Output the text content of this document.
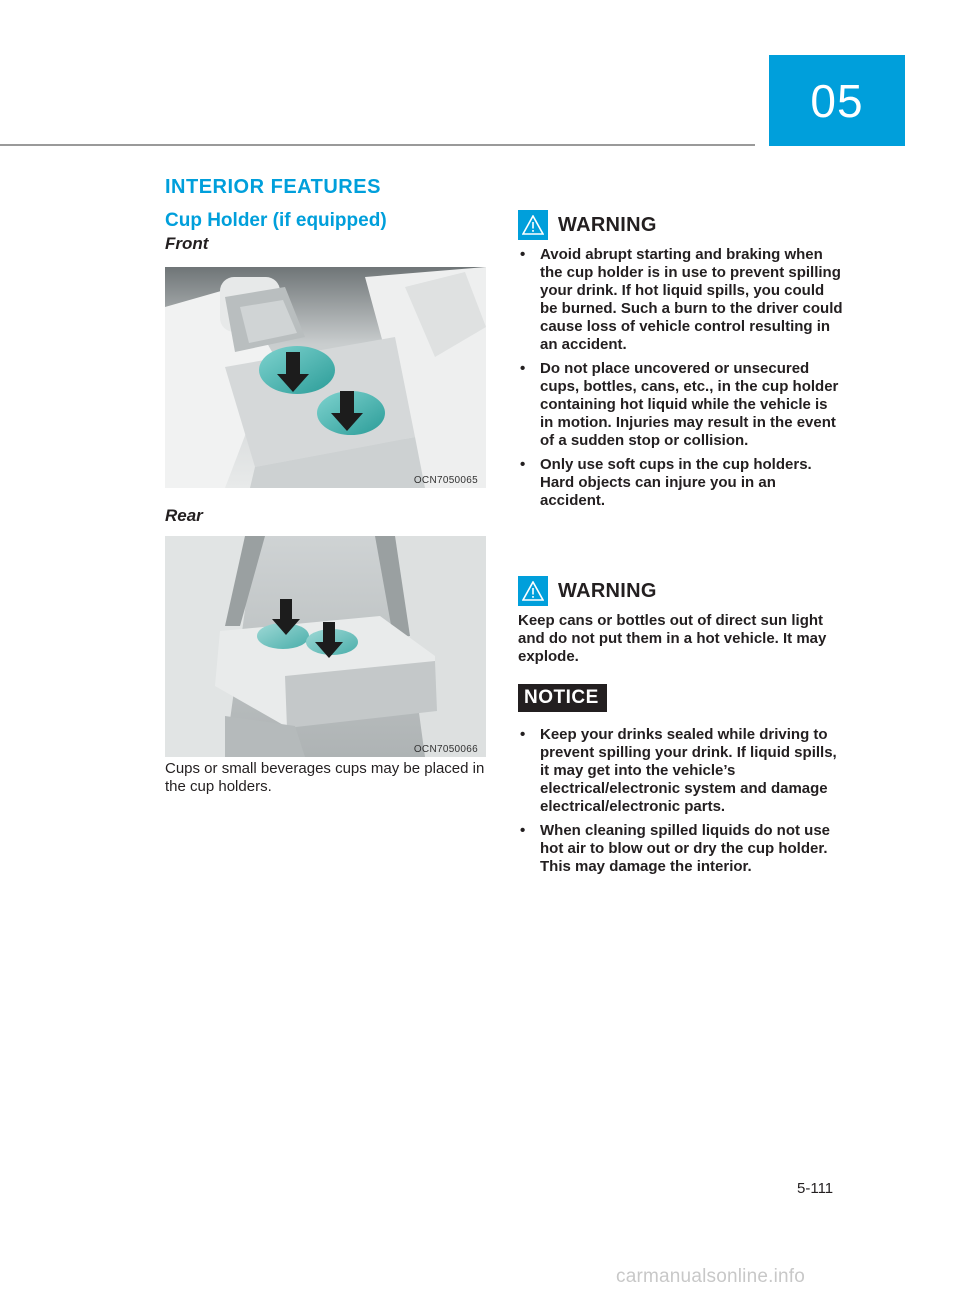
05
INTERIOR FEATURES
Cup Holder (if equipped)
Front
OCN7050065
Rear
OCN7050066
Cups or small beverages cups may be placed in the cup holders.
WARNING
• Avoid abrupt starting and braking when the cup holder is in use to prevent spilling your drink. If hot liquid spills, you could be burned. Such a burn to the driver could cause loss of vehicle control resulting in an accident.
• Do not place uncovered or unsecured cups, bottles, cans, etc., in the cup holder containing hot liquid while the vehicle is in motion. Injuries may result in the event of a sudden stop or collision.
• Only use soft cups in the cup holders. Hard objects can injure you in an accident.
WARNING
Keep cans or bottles out of direct sun light and do not put them in a hot vehicle. It may explode.
NOTICE
• Keep your drinks sealed while driving to prevent spilling your drink. If liquid spills, it may get into the vehicle’s electrical/electronic system and damage electrical/electronic parts.
• When cleaning spilled liquids do not use hot air to blow out or dry the cup holder. This may damage the interior.
5-111
carmanualsonline.info
